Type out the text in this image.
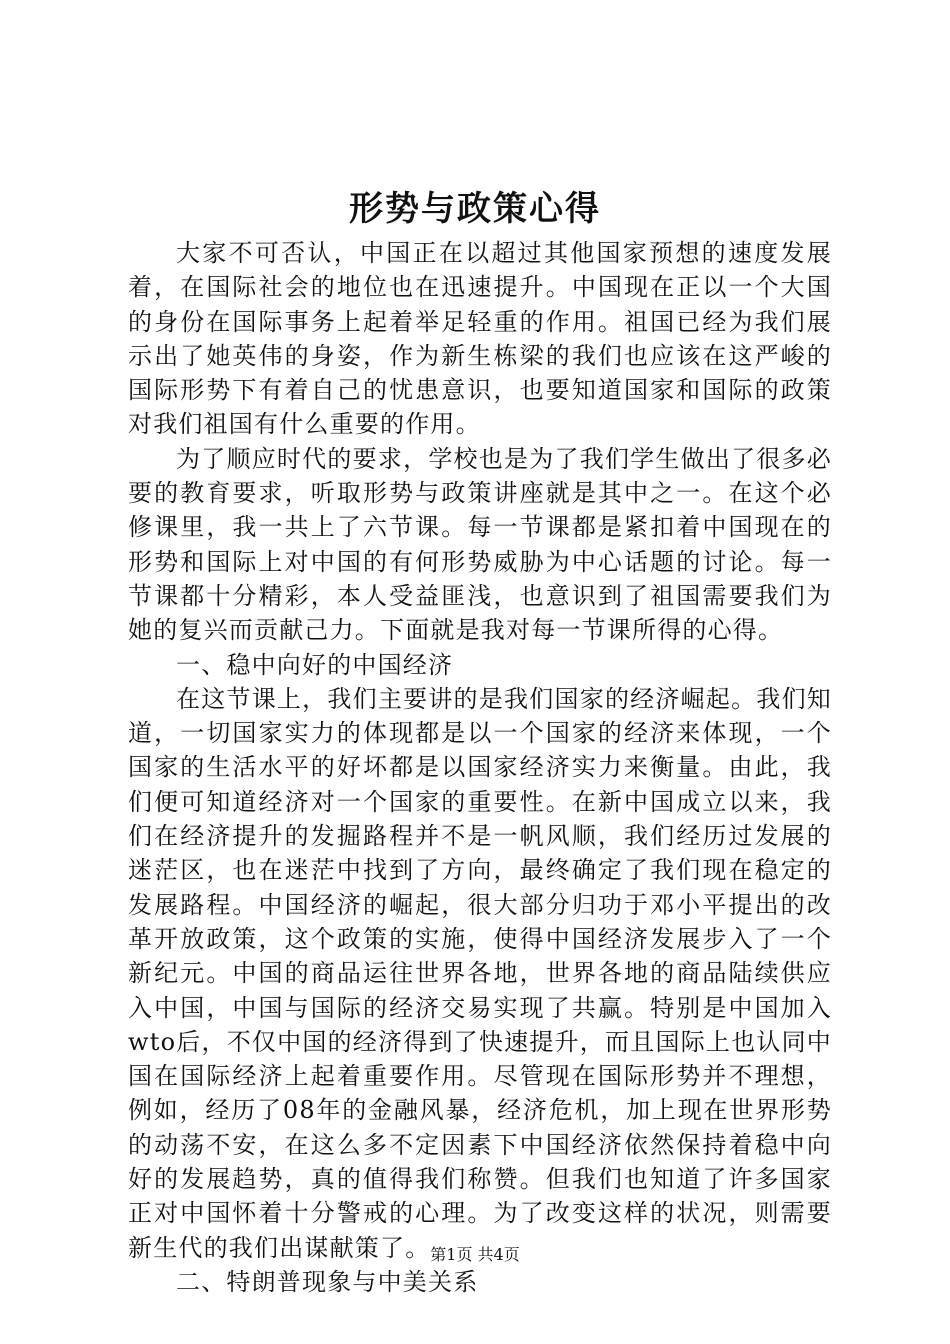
形势与政策心得

大家不可否认，中国正在以超过其他国家预想的速度发展着，在国际社会的地位也在迅速提升。中国现在正以一个大国的身份在国际事务上起着举足轻重的作用。祖国已经为我们展示出了她英伟的身姿，作为新生栋梁的我们也应该在这严峻的国际形势下有着自己的忧患意识，也要知道国家和国际的政策对我们祖国有什么重要的作用。

为了顺应时代的要求，学校也是为了我们学生做出了很多必要的教育要求，听取形势与政策讲座就是其中之一。在这个必修课里，我一共上了六节课。每一节课都是紧扣着中国现在的形势和国际上对中国的有何形势威胁为中心话题的讨论。每一节课都十分精彩，本人受益匪浅，也意识到了祖国需要我们为她的复兴而贡献己力。下面就是我对每一节课所得的心得。

一、稳中向好的中国经济

在这节课上，我们主要讲的是我们国家的经济崛起。我们知道，一切国家实力的体现都是以一个国家的经济来体现，一个国家的生活水平的好坏都是以国家经济实力来衡量。由此，我们便可知道经济对一个国家的重要性。在新中国成立以来，我们在经济提升的发掘路程并不是一帆风顺，我们经历过发展的迷茫区，也在迷茫中找到了方向，最终确定了我们现在稳定的发展路程。中国经济的崛起，很大部分归功于邓小平提出的改革开放政策，这个政策的实施，使得中国经济发展步入了一个新纪元。中国的商品运往世界各地，世界各地的商品陆续供应入中国，中国与国际的经济交易实现了共赢。特别是中国加入wto后，不仅中国的经济得到了快速提升，而且国际上也认同中国在国际经济上起着重要作用。尽管现在国际形势并不理想，例如，经历了08年的金融风暴，经济危机，加上现在世界形势的动荡不安，在这么多不定因素下中国经济依然保持着稳中向好的发展趋势，真的值得我们称赞。但我们也知道了许多国家正对中国怀着十分警戒的心理。为了改变这样的状况，则需要新生代的我们出谋献策了。

二、特朗普现象与中美关系

第1页 共4页
